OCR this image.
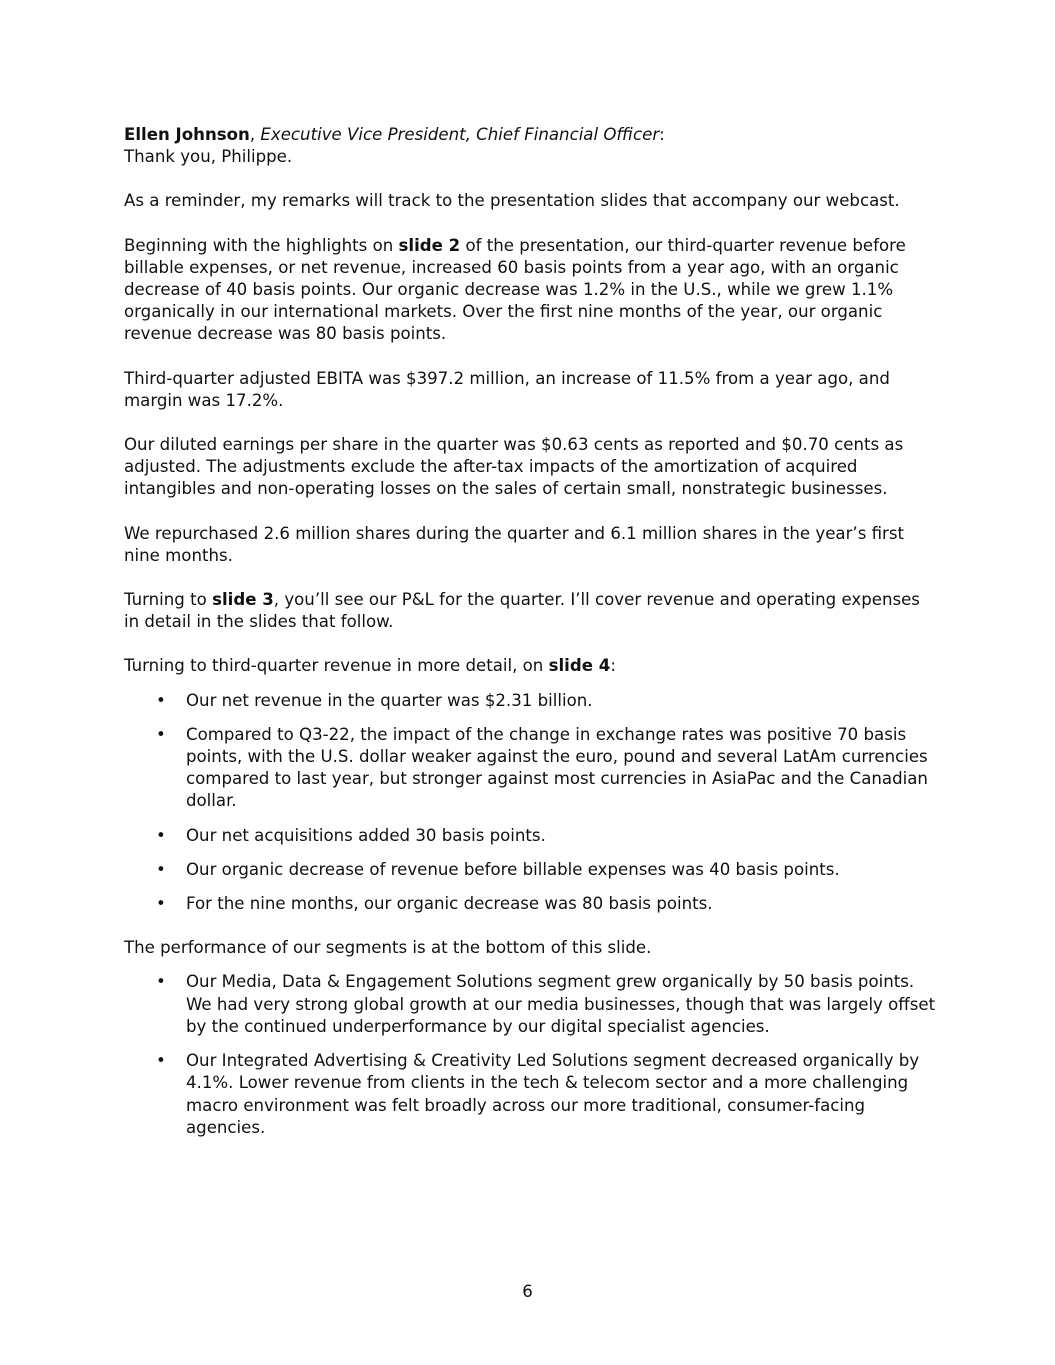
Ellen Johnson, Executive Vice President, Chief Financial Officer:
Thank you, Philippe.

As a reminder, my remarks will track to the presentation slides that accompany our webcast.

Beginning with the highlights on slide 2 of the presentation, our third-quarter revenue before billable expenses, or net revenue, increased 60 basis points from a year ago, with an organic decrease of 40 basis points. Our organic decrease was 1.2% in the U.S., while we grew 1.1% organically in our international markets. Over the first nine months of the year, our organic revenue decrease was 80 basis points.

Third-quarter adjusted EBITA was $397.2 million, an increase of 11.5% from a year ago, and margin was 17.2%.

Our diluted earnings per share in the quarter was $0.63 cents as reported and $0.70 cents as adjusted. The adjustments exclude the after-tax impacts of the amortization of acquired intangibles and non-operating losses on the sales of certain small, nonstrategic businesses.

We repurchased 2.6 million shares during the quarter and 6.1 million shares in the year’s first nine months.

Turning to slide 3, you’ll see our P&L for the quarter. I’ll cover revenue and operating expenses in detail in the slides that follow.

Turning to third-quarter revenue in more detail, on slide 4:

• Our net revenue in the quarter was $2.31 billion.
• Compared to Q3-22, the impact of the change in exchange rates was positive 70 basis points, with the U.S. dollar weaker against the euro, pound and several LatAm currencies compared to last year, but stronger against most currencies in AsiaPac and the Canadian dollar.
• Our net acquisitions added 30 basis points.
• Our organic decrease of revenue before billable expenses was 40 basis points.
• For the nine months, our organic decrease was 80 basis points.

The performance of our segments is at the bottom of this slide.

• Our Media, Data & Engagement Solutions segment grew organically by 50 basis points. We had very strong global growth at our media businesses, though that was largely offset by the continued underperformance by our digital specialist agencies.
• Our Integrated Advertising & Creativity Led Solutions segment decreased organically by 4.1%. Lower revenue from clients in the tech & telecom sector and a more challenging macro environment was felt broadly across our more traditional, consumer-facing agencies.
6
